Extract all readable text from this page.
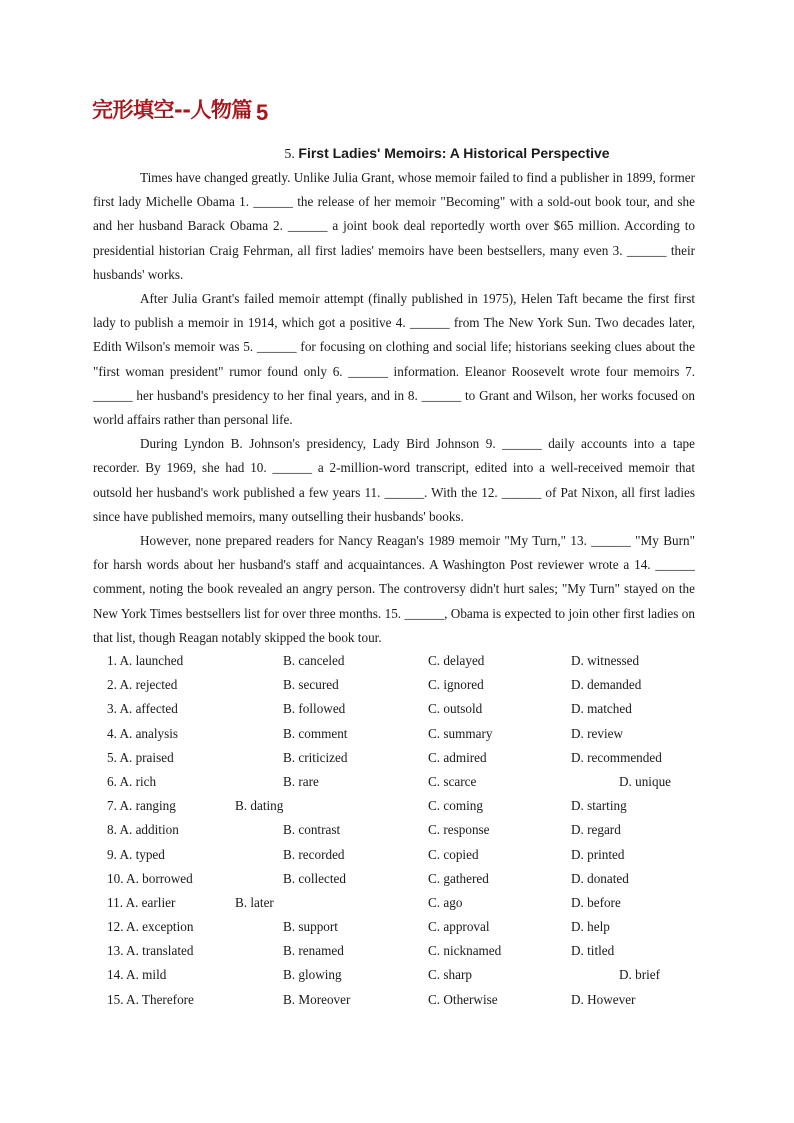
完形填空--人物篇 5
5. First Ladies' Memoirs: A Historical Perspective

Times have changed greatly. Unlike Julia Grant, whose memoir failed to find a publisher in 1899, former first lady Michelle Obama 1. ______ the release of her memoir "Becoming" with a sold-out book tour, and she and her husband Barack Obama 2. ______ a joint book deal reportedly worth over $65 million. According to presidential historian Craig Fehrman, all first ladies' memoirs have been bestsellers, many even 3. ______ their husbands' works.

After Julia Grant's failed memoir attempt (finally published in 1975), Helen Taft became the first first lady to publish a memoir in 1914, which got a positive 4. ______ from The New York Sun. Two decades later, Edith Wilson's memoir was 5. ______ for focusing on clothing and social life; historians seeking clues about the "first woman president" rumor found only 6. ______ information. Eleanor Roosevelt wrote four memoirs 7. ______ her husband's presidency to her final years, and in 8. ______ to Grant and Wilson, her works focused on world affairs rather than personal life.

During Lyndon B. Johnson's presidency, Lady Bird Johnson 9. ______ daily accounts into a tape recorder. By 1969, she had 10. ______ a 2-million-word transcript, edited into a well-received memoir that outsold her husband's work published a few years 11. ______. With the 12. ______ of Pat Nixon, all first ladies since have published memoirs, many outselling their husbands' books.

However, none prepared readers for Nancy Reagan's 1989 memoir "My Turn," 13. ______ "My Burn" for harsh words about her husband's staff and acquaintances. A Washington Post reviewer wrote a 14. ______ comment, noting the book revealed an angry person. The controversy didn't hurt sales; "My Turn" stayed on the New York Times bestsellers list for over three months. 15. ______, Obama is expected to join other first ladies on that list, though Reagan notably skipped the book tour.

1. A. launched	B. canceled	C. delayed	D. witnessed
2. A. rejected	B. secured	C. ignored	D. demanded
3. A. affected	B. followed	C. outsold	D. matched
4. A. analysis	B. comment	C. summary	D. review
5. A. praised	B. criticized	C. admired	D. recommended
6. A. rich	B. rare	C. scarce	D. unique
7. A. ranging	B. dating	C. coming	D. starting
8. A. addition	B. contrast	C. response	D. regard
9. A. typed	B. recorded	C. copied	D. printed
10. A. borrowed	B. collected	C. gathered	D. donated
11. A. earlier	B. later	C. ago	D. before
12. A. exception	B. support	C. approval	D. help
13. A. translated	B. renamed	C. nicknamed	D. titled
14. A. mild	B. glowing	C. sharp	D. brief
15. A. Therefore	B. Moreover	C. Otherwise	D. However
